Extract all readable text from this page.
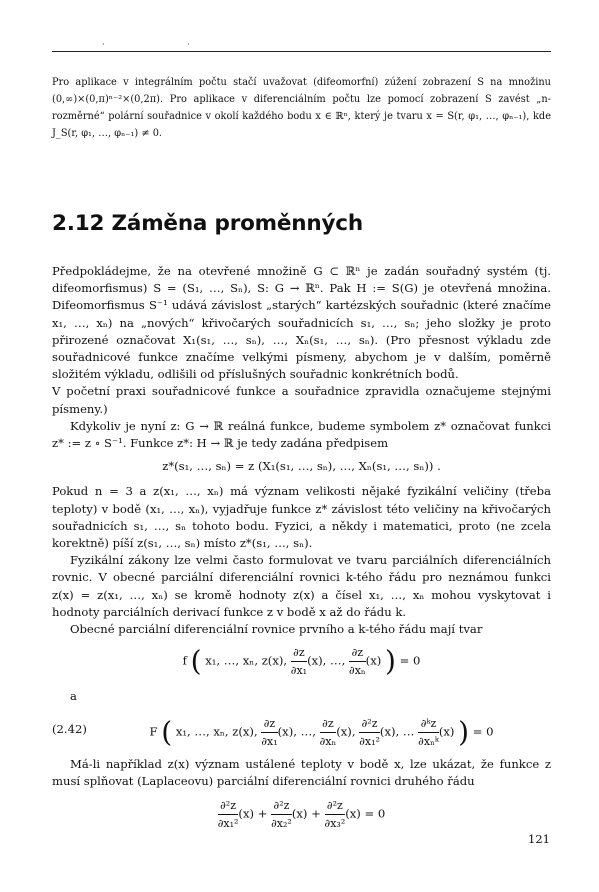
· ·
Pro aplikace v integrálním počtu stačí uvažovat (difeomorfní) zúžení zobrazení S na množinu (0,∞)×(0,π)ⁿ⁻²×(0,2π). Pro aplikace v diferenciálním počtu lze pomocí zobrazení S zavést „n-rozměrné“ polární souřadnice v okolí každého bodu x ∈ ℝⁿ, který je tvaru x = S(r, φ₁, …, φₙ₋₁), kde J_S(r, φ₁, …, φₙ₋₁) ≠ 0.
2.12 Záměna proměnných

Předpokládejme, že na otevřené množině G ⊂ ℝⁿ je zadán souřadný systém (tj. difeomorfismus) S = (S₁, …, Sₙ), S: G → ℝⁿ. Pak H := S(G) je otevřená množina. Difeomorfismus S⁻¹ udává závislost „starých“ kartézských souřadnic (které značíme x₁, …, xₙ) na „nových“ křivočarých souřadnicích s₁, …, sₙ; jeho složky je proto přirozené označovat X₁(s₁, …, sₙ), …, Xₙ(s₁, …, sₙ). (Pro přesnost výkladu zde souřadnicové funkce značíme velkými písmeny, abychom je v dalším, poměrně složitém výkladu, odlišili od příslušných souřadnic konkrétních bodů.

V početní praxi souřadnicové funkce a souřadnice zpravidla označujeme stejnými písmeny.)

Kdykoliv je nyní z: G → ℝ reálná funkce, budeme symbolem z* označovat funkci z* := z ∘ S⁻¹. Funkce z*: H → ℝ je tedy zadána předpisem

z*(s₁, …, sₙ) = z (X₁(s₁, …, sₙ), …, Xₙ(s₁, …, sₙ)) .

Pokud n = 3 a z(x₁, …, xₙ) má význam velikosti nějaké fyzikální veličiny (třeba teploty) v bodě (x₁, …, xₙ), vyjadřuje funkce z* závislost této veličiny na křivočarých souřadnicích s₁, …, sₙ tohoto bodu. Fyzici, a někdy i matematici, proto (ne zcela korektně) píší z(s₁, …, sₙ) místo z*(s₁, …, sₙ).

Fyzikální zákony lze velmi často formulovat ve tvaru parciálních diferenciálních rovnic. V obecné parciální diferenciální rovnici k-tého řádu pro neznámou funkci z(x) = z(x₁, …, xₙ) se kromě hodnoty z(x) a čísel x₁, …, xₙ mohou vyskytovat i hodnoty parciálních derivací funkce z v bodě x až do řádu k.

Obecné parciální diferenciální rovnice prvního a k-tého řádu mají tvar

f ( x₁, …, xₙ, z(x), $\frac{\partial z}{\text{∂x₁}} (x)$, …, $\frac{\partial z}{\text{∂xₙ}} (x)$ ) = 0
a
(2.42)	F ( x₁, …, xₙ, z(x), $\frac{\partial z}{\text{∂x₁}} (x)$, …, $\frac{\partial z}{\text{∂xₙ}} (x)$, $\frac{\text{∂²z}}{\text{∂x₁²}} (x)$, … $\frac{\text{∂ᵏz}}{\text{∂xₙᵏ}} (x)$ ) = 0

Má-li například z(x) význam ustálené teploty v bodě x, lze ukázat, že funkce z musí splňovat (Laplaceovu) parciální diferenciální rovnici druhého řádu

$\frac{\text{∂²z}}{\text{∂x₁²}} (x) + \frac{\text{∂²z}}{\text{∂x₂²}} (x) + \frac{\text{∂²z}}{\text{∂x₃²}} (x) = 0$
121
